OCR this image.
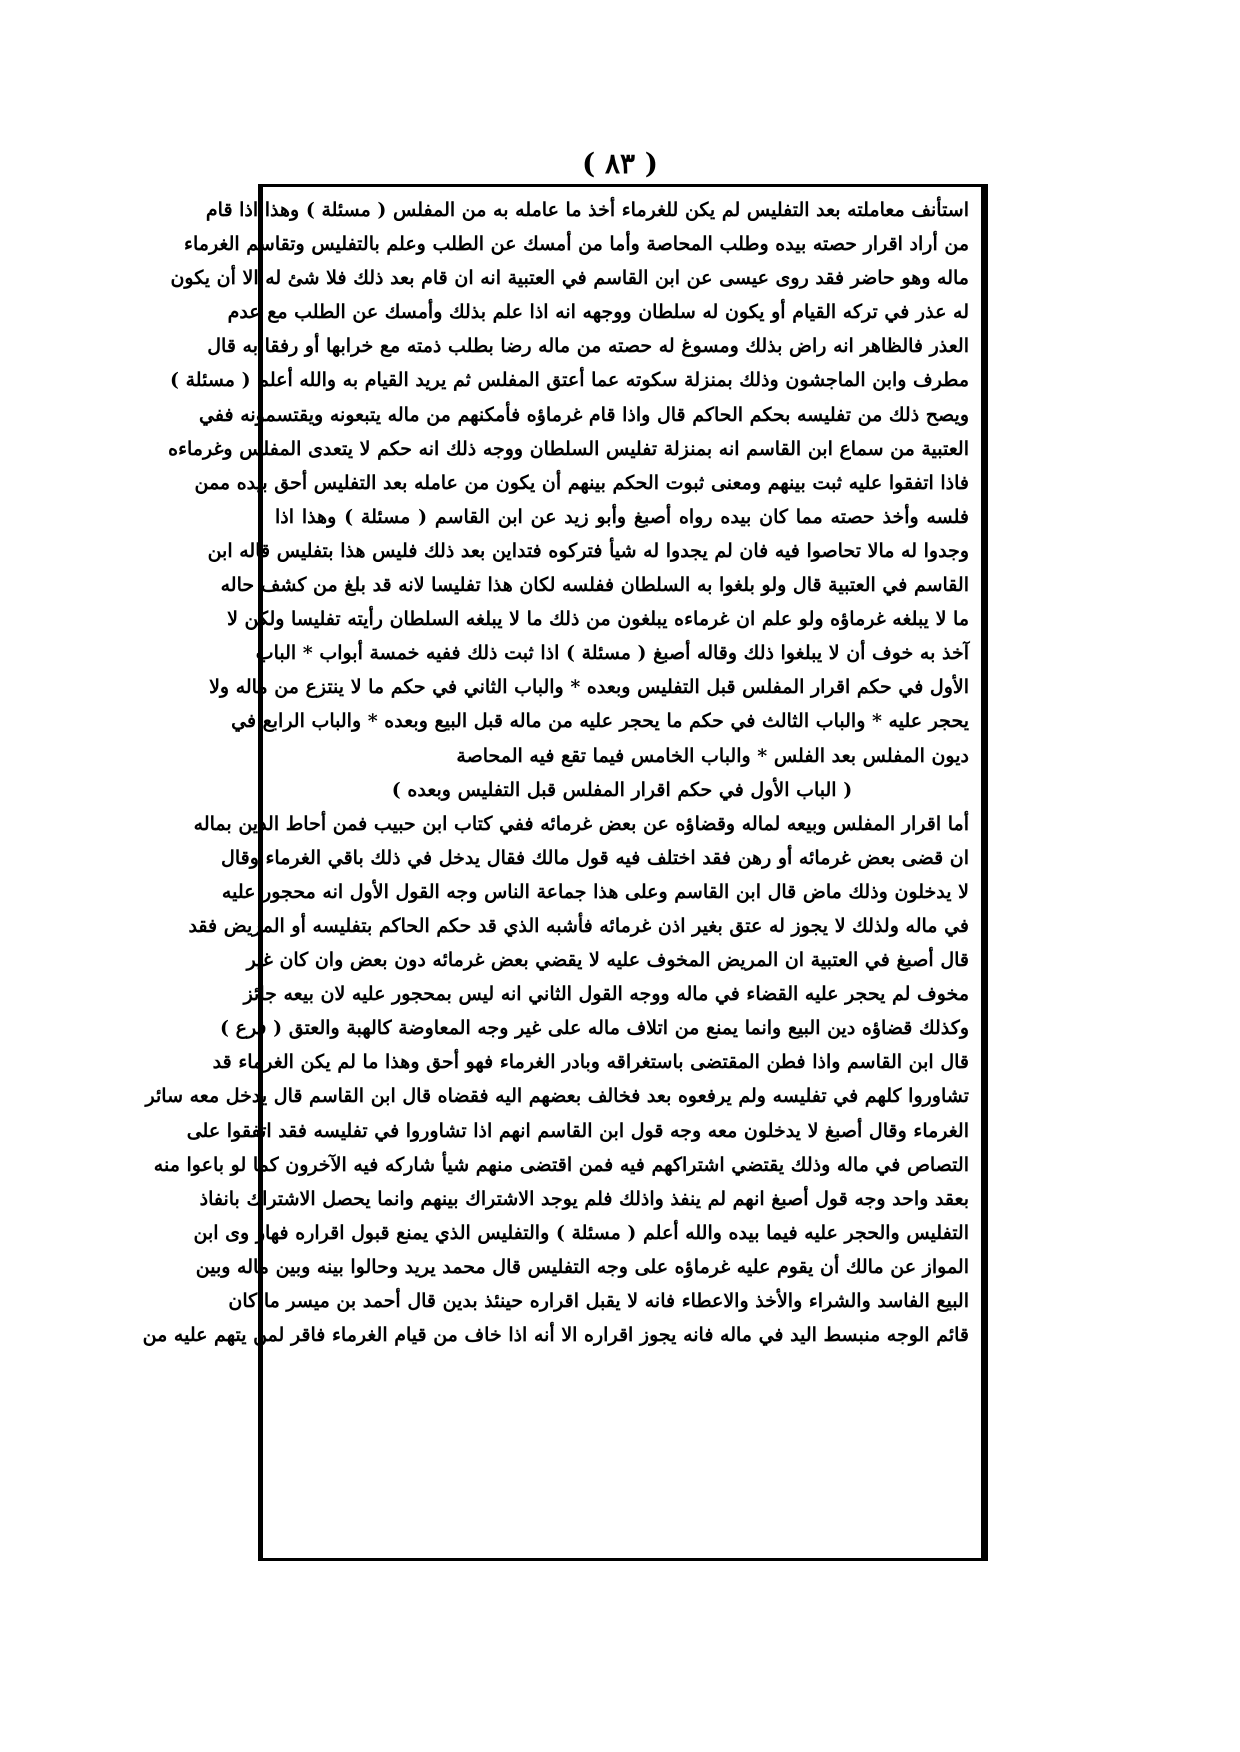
( ٨٣ )
استأنف معاملته بعد التفليس لم يكن للغرماء أخذ ما عامله به من المفلس ( مسئلة ) وهذا اذا قام
من أراد اقرار حصته بيده وطلب المحاصة وأما من أمسك عن الطلب وعلم بالتفليس وتقاسم الغرماء
ماله وهو حاضر فقد روى عيسى عن ابن القاسم في العتبية انه ان قام بعد ذلك فلا شئ له الا أن يكون
له عذر في تركه القيام أو يكون له سلطان ووجهه انه اذا علم بذلك وأمسك عن الطلب مع عدم
العذر فالظاهر انه راض بذلك ومسوغ له حصته من ماله رضا بطلب ذمته مع خرابها أو رفقا به قال
مطرف وابن الماجشون وذلك بمنزلة سكوته عما أعتق المفلس ثم يريد القيام به والله أعلم ( مسئلة )
ويصح ذلك من تفليسه بحكم الحاكم قال واذا قام غرماؤه فأمكنهم من ماله يتبعونه ويقتسمونه ففي
العتبية من سماع ابن القاسم انه بمنزلة تفليس السلطان ووجه ذلك انه حكم لا يتعدى المفلس وغرماءه
فاذا اتفقوا عليه ثبت بينهم ومعنى ثبوت الحكم بينهم أن يكون من عامله بعد التفليس أحق بيده ممن
فلسه وأخذ حصته مما كان بيده رواه أصبغ وأبو زيد عن ابن القاسم ( مسئلة ) وهذا اذا
وجدوا له مالا تحاصوا فيه فان لم يجدوا له شيأ فتركوه فتداين بعد ذلك فليس هذا بتفليس قاله ابن
القاسم في العتبية قال ولو بلغوا به السلطان ففلسه لكان هذا تفليسا لانه قد بلغ من كشف حاله
ما لا يبلغه غرماؤه ولو علم ان غرماءه يبلغون من ذلك ما لا يبلغه السلطان رأيته تفليسا ولكن لا
آخذ به خوف أن لا يبلغوا ذلك وقاله أصبغ ( مسئلة ) اذا ثبت ذلك ففيه خمسة أبواب * الباب
الأول في حكم اقرار المفلس قبل التفليس وبعده * والباب الثاني في حكم ما لا ينتزع من ماله ولا
يحجر عليه * والباب الثالث في حكم ما يحجر عليه من ماله قبل البيع وبعده * والباب الرابع في
ديون المفلس بعد الفلس * والباب الخامس فيما تقع فيه المحاصة
( الباب الأول في حكم اقرار المفلس قبل التفليس وبعده )
أما اقرار المفلس وبيعه لماله وقضاؤه عن بعض غرمائه ففي كتاب ابن حبيب فمن أحاط الدين بماله
ان قضى بعض غرمائه أو رهن فقد اختلف فيه قول مالك فقال يدخل في ذلك باقي الغرماء وقال
لا يدخلون وذلك ماض قال ابن القاسم وعلى هذا جماعة الناس وجه القول الأول انه محجور عليه
في ماله ولذلك لا يجوز له عتق بغير اذن غرمائه فأشبه الذي قد حكم الحاكم بتفليسه أو المريض فقد
قال أصبغ في العتبية ان المريض المخوف عليه لا يقضي بعض غرمائه دون بعض وان كان غير
مخوف لم يحجر عليه القضاء في ماله ووجه القول الثاني انه ليس بمحجور عليه لان بيعه جائز
وكذلك قضاؤه دين البيع وانما يمنع من اتلاف ماله على غير وجه المعاوضة كالهبة والعتق ( فرع )
قال ابن القاسم واذا فطن المقتضى باستغراقه وبادر الغرماء فهو أحق وهذا ما لم يكن الغرماء قد
تشاوروا كلهم في تفليسه ولم يرفعوه بعد فخالف بعضهم اليه فقضاه قال ابن القاسم قال يدخل معه سائر
الغرماء وقال أصبغ لا يدخلون معه وجه قول ابن القاسم انهم اذا تشاوروا في تفليسه فقد اتفقوا على
التصاص في ماله وذلك يقتضي اشتراكهم فيه فمن اقتضى منهم شيأ شاركه فيه الآخرون كما لو باعوا منه
بعقد واحد وجه قول أصبغ انهم لم ينفذ واذلك فلم يوجد الاشتراك بينهم وانما يحصل الاشتراك بانفاذ
التفليس والحجر عليه فيما بيده والله أعلم ( مسئلة ) والتفليس الذي يمنع قبول اقراره فهار وى ابن
المواز عن مالك أن يقوم عليه غرماؤه على وجه التفليس قال محمد يريد وحالوا بينه وبين ماله وبين
البيع الفاسد والشراء والأخذ والاعطاء فانه لا يقبل اقراره حينئذ بدين قال أحمد بن ميسر ما كان
قائم الوجه منبسط اليد في ماله فانه يجوز اقراره الا أنه اذا خاف من قيام الغرماء فاقر لمن يتهم عليه من
